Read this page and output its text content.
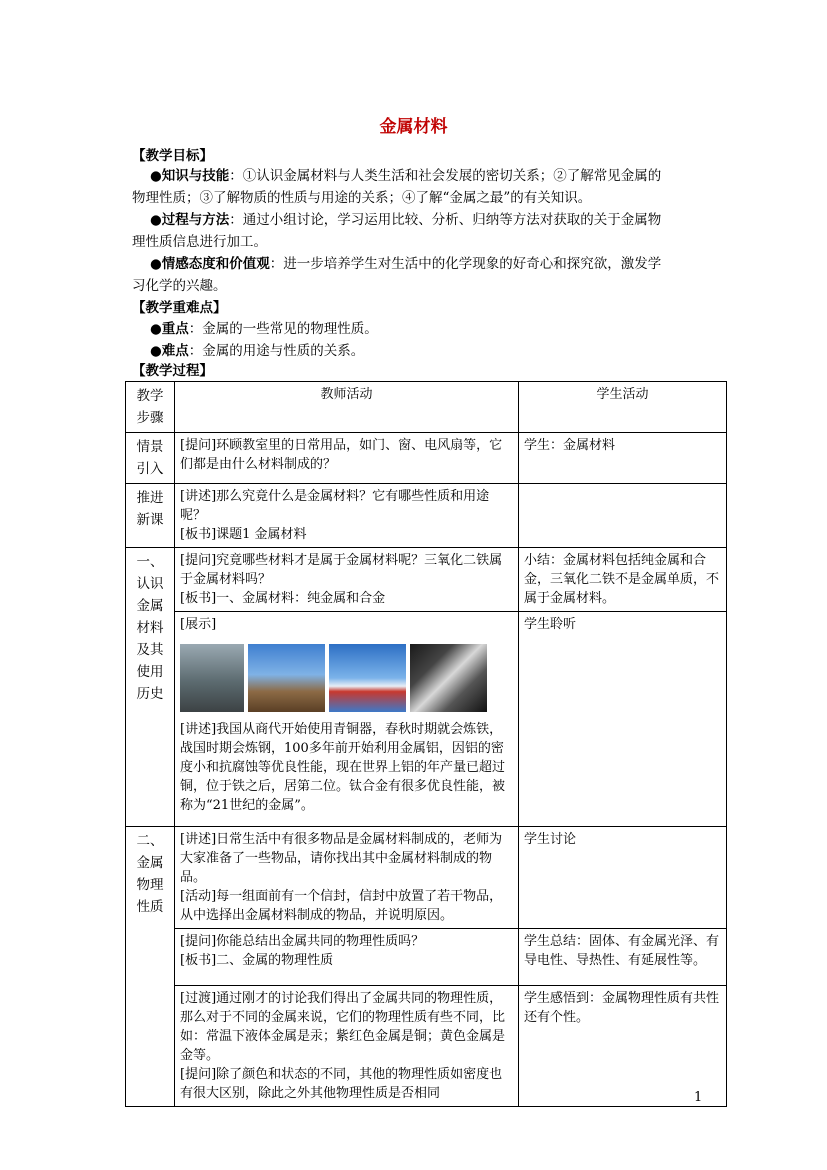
金属材料
【教学目标】
●知识与技能：①认识金属材料与人类生活和社会发展的密切关系；②了解常见金属的
物理性质；③了解物质的性质与用途的关系；④了解“金属之最”的有关知识。
●过程与方法：通过小组讨论，学习运用比较、分析、归纳等方法对获取的关于金属物
理性质信息进行加工。
●情感态度和价值观：进一步培养学生对生活中的化学现象的好奇心和探究欲，激发学
习化学的兴趣。
【教学重难点】
●重点：金属的一些常见的物理性质。
●难点：金属的用途与性质的关系。
【教学过程】
教学步骤	教师活动	学生活动
情景引入	[提问]环顾教室里的日常用品，如门、窗、电风扇等，它们都是由什么材料制成的？	学生：金属材料
推进新课	[讲述]那么究竟什么是金属材料？它有哪些性质和用途呢？

[板书]课题1 金属材料	

一、认识金属材料及其使用历史	[提问]究竟哪些材料才是属于金属材料呢？三氧化二铁属于金属材料吗？

[板书]一、金属材料：纯金属和合金	小结：金属材料包括纯金属和合金，三氧化二铁不是金属单质，不属于金属材料。

	[展示]

[讲述]我国从商代开始使用青铜器，春秋时期就会炼铁，战国时期会炼钢，100多年前开始利用金属铝，因铝的密度小和抗腐蚀等优良性能，现在世界上铝的年产量已超过铜，位于铁之后，居第二位。钛合金有很多优良性能，被称为“21世纪的金属”。	学生聆听
二、金属物理性质	[讲述]日常生活中有很多物品是金属材料制成的，老师为大家准备了一些物品，请你找出其中金属材料制成的物品。

[活动]每一组面前有一个信封，信封中放置了若干物品，从中选择出金属材料制成的物品，并说明原因。	学生讨论

	[提问]你能总结出金属共同的物理性质吗？

[板书]二、金属的物理性质	学生总结：固体、有金属光泽、有导电性、导热性、有延展性等。

	[过渡]通过刚才的讨论我们得出了金属共同的物理性质，那么对于不同的金属来说，它们的物理性质有些不同，比如：常温下液体金属是汞；紫红色金属是铜；黄色金属是金等。

[提问]除了颜色和状态的不同，其他的物理性质如密度也有很大区别，除此之外其他物理性质是否相同	学生感悟到：金属物理性质有共性还有个性。
1
